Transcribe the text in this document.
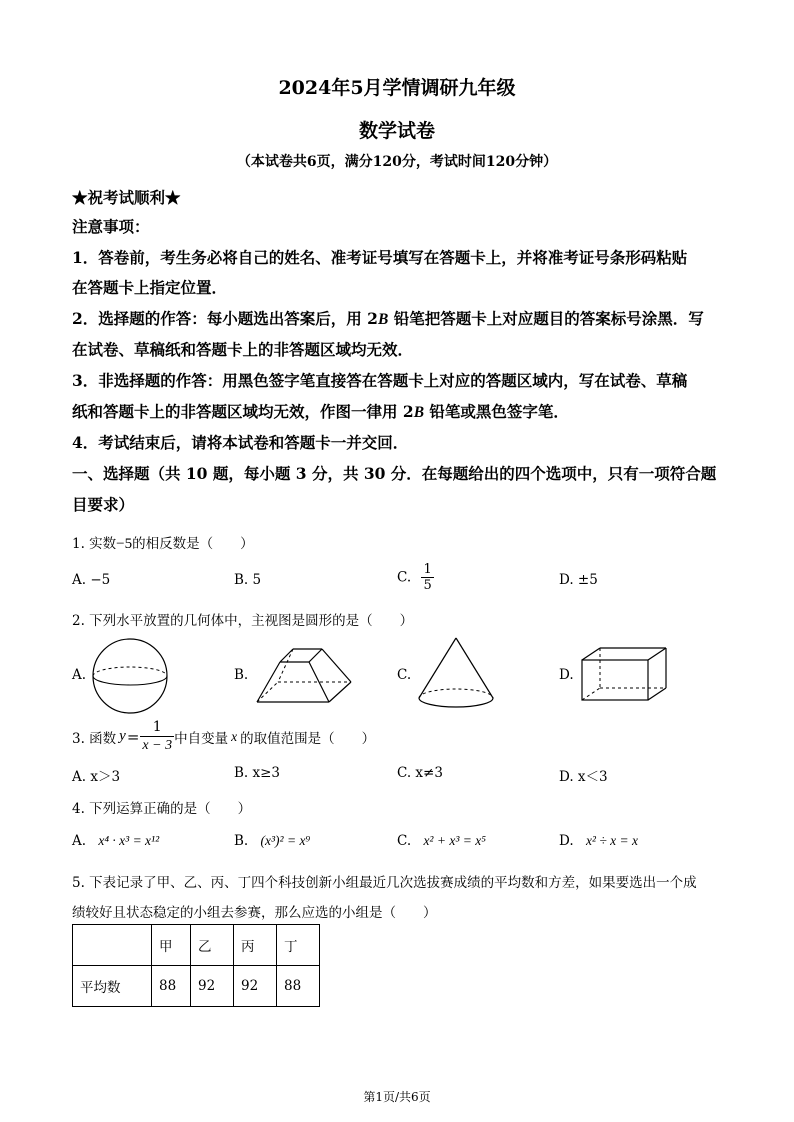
2024年5月学情调研九年级
数学试卷
（本试卷共6页，满分120分，考试时间120分钟）
★祝考试顺利★
注意事项：
1．答卷前，考生务必将自己的姓名、准考证号填写在答题卡上，并将准考证号条形码粘贴
在答题卡上指定位置．
2．选择题的作答：每小题选出答案后，用 2B 铅笔把答题卡上对应题目的答案标号涂黑．写
在试卷、草稿纸和答题卡上的非答题区域均无效．
3．非选择题的作答：用黑色签字笔直接答在答题卡上对应的答题区域内，写在试卷、草稿
纸和答题卡上的非答题区域均无效，作图一律用 2B 铅笔或黑色签字笔．
4．考试结束后，请将本试卷和答题卡一并交回．
一、选择题（共 10 题，每小题 3 分，共 30 分．在每题给出的四个选项中，只有一项符合题
目要求）
1. 实数−5的相反数是（　　）
A. −5	B. 5	C. $\frac{1}{5}$	D. ±5
2. 下列水平放置的几何体中，主视图是圆形的是（　　）
A.	B.	C.	D.
3. 函数 $y = \frac{1}{x - 3}$ 中自变量 x 的取值范围是（　　）
A. x＞3	B. x≥3	C. x≠3	D. x＜3
4. 下列运算正确的是（　　）
A. x⁴ · x³ = x¹²	B. (x³)² = x⁹	C. x² + x³ = x⁵	D. x² ÷ x = x
5. 下表记录了甲、乙、丙、丁四个科技创新小组最近几次选拔赛成绩的平均数和方差，如果要选出一个成
绩较好且状态稳定的小组去参赛，那么应选的小组是（　　）
	甲	乙	丙	丁
平均数	88	92	92	88
第1页/共6页
